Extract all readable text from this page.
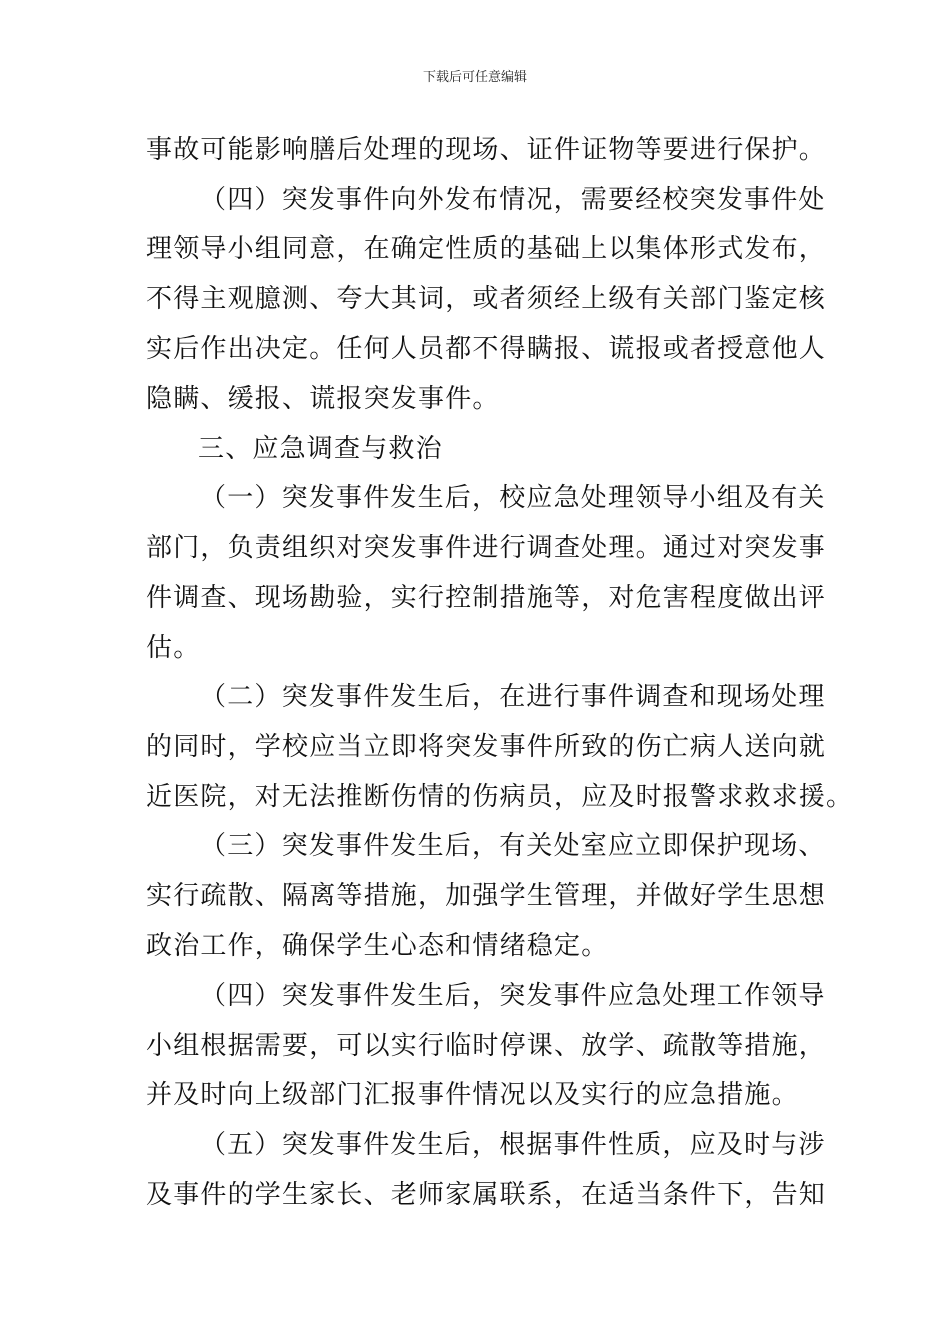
下载后可任意编辑
事故可能影响膳后处理的现场、证件证物等要进行保护。
（四）突发事件向外发布情况，需要经校突发事件处
理领导小组同意，在确定性质的基础上以集体形式发布，
不得主观臆测、夸大其词，或者须经上级有关部门鉴定核
实后作出决定。任何人员都不得瞒报、谎报或者授意他人
隐瞒、缓报、谎报突发事件。
三、应急调查与救治
（一）突发事件发生后，校应急处理领导小组及有关
部门，负责组织对突发事件进行调查处理。通过对突发事
件调查、现场勘验，实行控制措施等，对危害程度做出评
估。
（二）突发事件发生后，在进行事件调查和现场处理
的同时，学校应当立即将突发事件所致的伤亡病人送向就
近医院，对无法推断伤情的伤病员，应及时报警求救求援。
（三）突发事件发生后，有关处室应立即保护现场、
实行疏散、隔离等措施，加强学生管理，并做好学生思想
政治工作，确保学生心态和情绪稳定。
（四）突发事件发生后，突发事件应急处理工作领导
小组根据需要，可以实行临时停课、放学、疏散等措施，
并及时向上级部门汇报事件情况以及实行的应急措施。
（五）突发事件发生后，根据事件性质，应及时与涉
及事件的学生家长、老师家属联系，在适当条件下，告知
